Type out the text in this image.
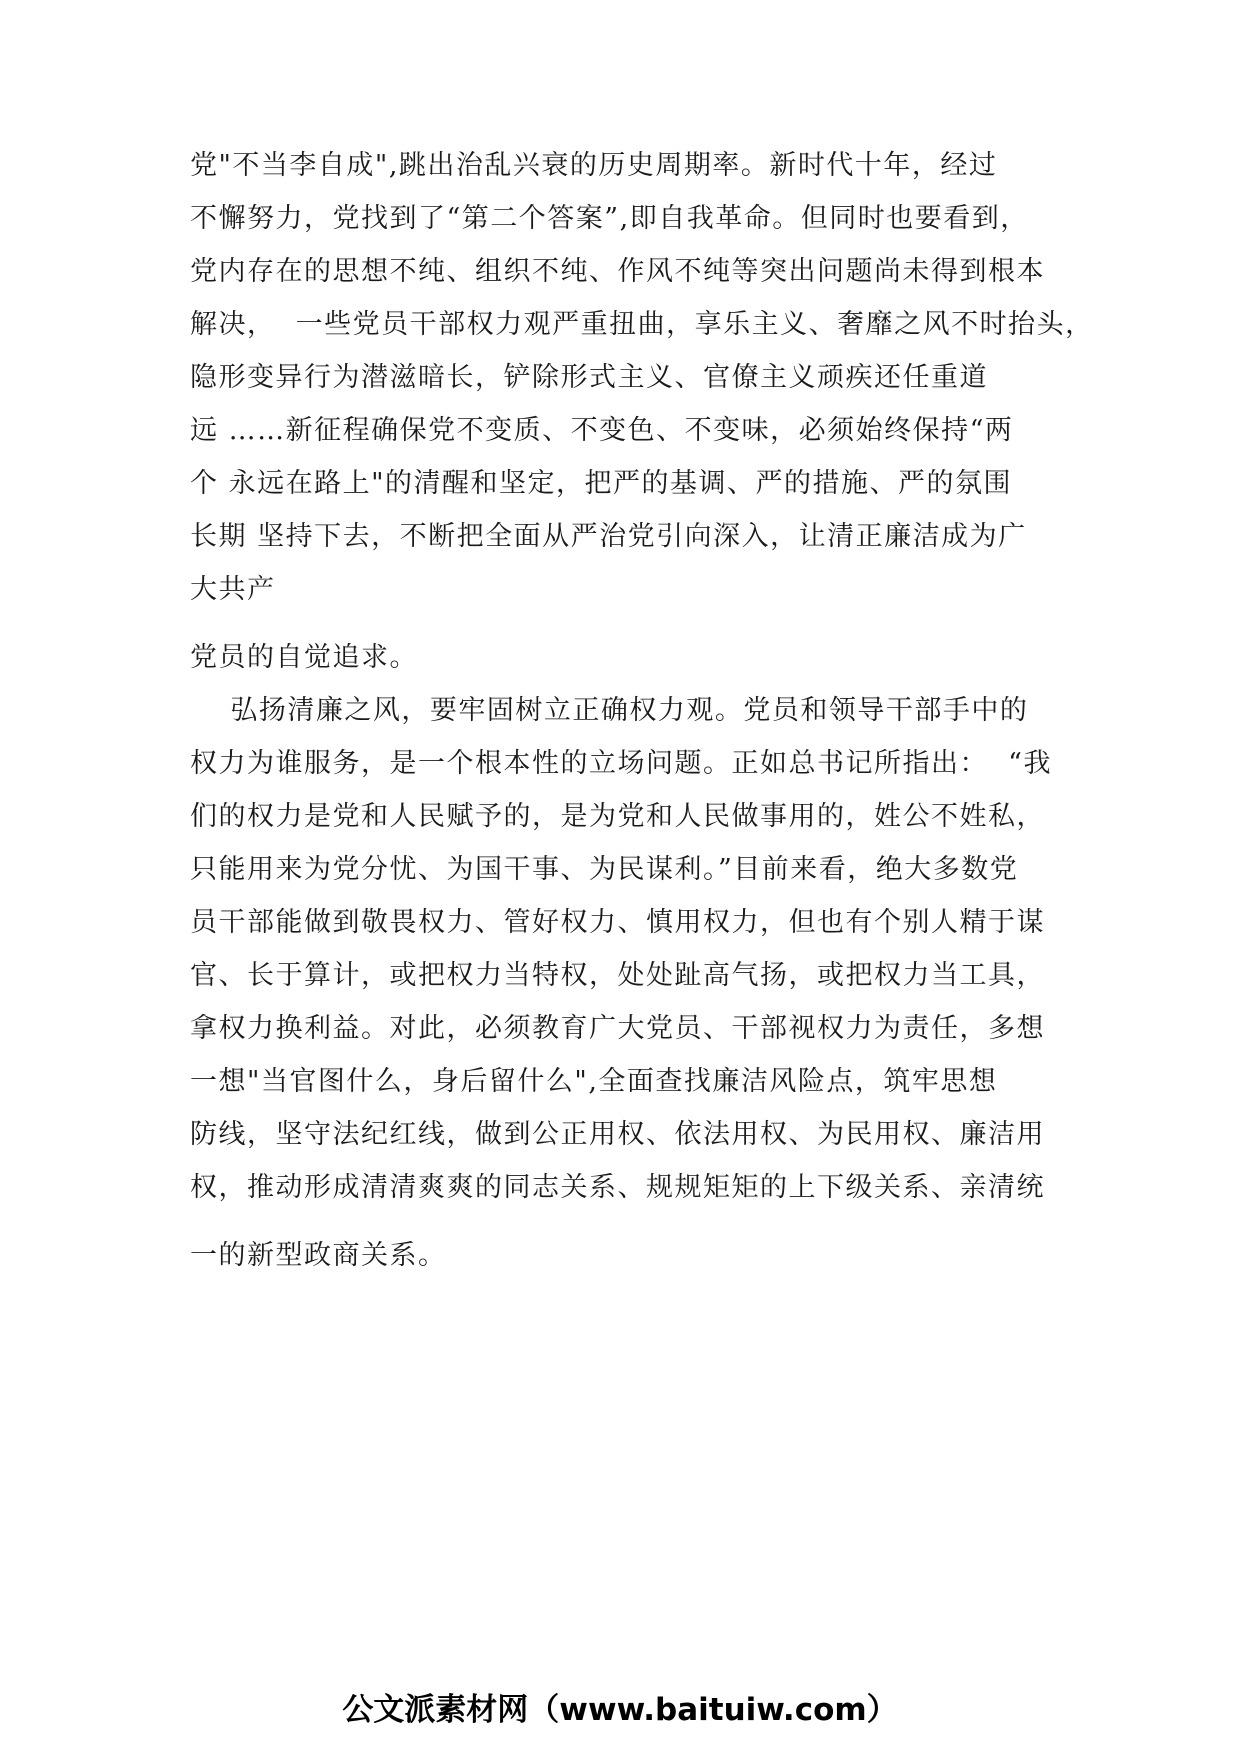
党"不当李自成",跳出治乱兴衰的历史周期率。新时代十年，经过
不懈努力，党找到了“第二个答案”,即自我革命。但同时也要看到，
党内存在的思想不纯、组织不纯、作风不纯等突出问题尚未得到根本
解决，  一些党员干部权力观严重扭曲，享乐主义、奢靡之风不时抬头，
隐形变异行为潜滋暗长，铲除形式主义、官僚主义顽疾还任重道
远 ……新征程确保党不变质、不变色、不变味，必须始终保持“两
个 永远在路上"的清醒和坚定，把严的基调、严的措施、严的氛围
长期 坚持下去，不断把全面从严治党引向深入，让清正廉洁成为广
大共产
党员的自觉追求。
弘扬清廉之风，要牢固树立正确权力观。党员和领导干部手中的
权力为谁服务，是一个根本性的立场问题。正如总书记所指出：  “我
们的权力是党和人民赋予的，是为党和人民做事用的，姓公不姓私，
只能用来为党分忧、为国干事、为民谋利。”目前来看，绝大多数党
员干部能做到敬畏权力、管好权力、慎用权力，但也有个别人精于谋
官、长于算计，或把权力当特权，处处趾高气扬，或把权力当工具，
拿权力换利益。对此，必须教育广大党员、干部视权力为责任，多想
一想"当官图什么，身后留什么",全面查找廉洁风险点，筑牢思想
防线，坚守法纪红线，做到公正用权、依法用权、为民用权、廉洁用
权，推动形成清清爽爽的同志关系、规规矩矩的上下级关系、亲清统
一的新型政商关系。
公文派素材网（www.baituiw.com）
